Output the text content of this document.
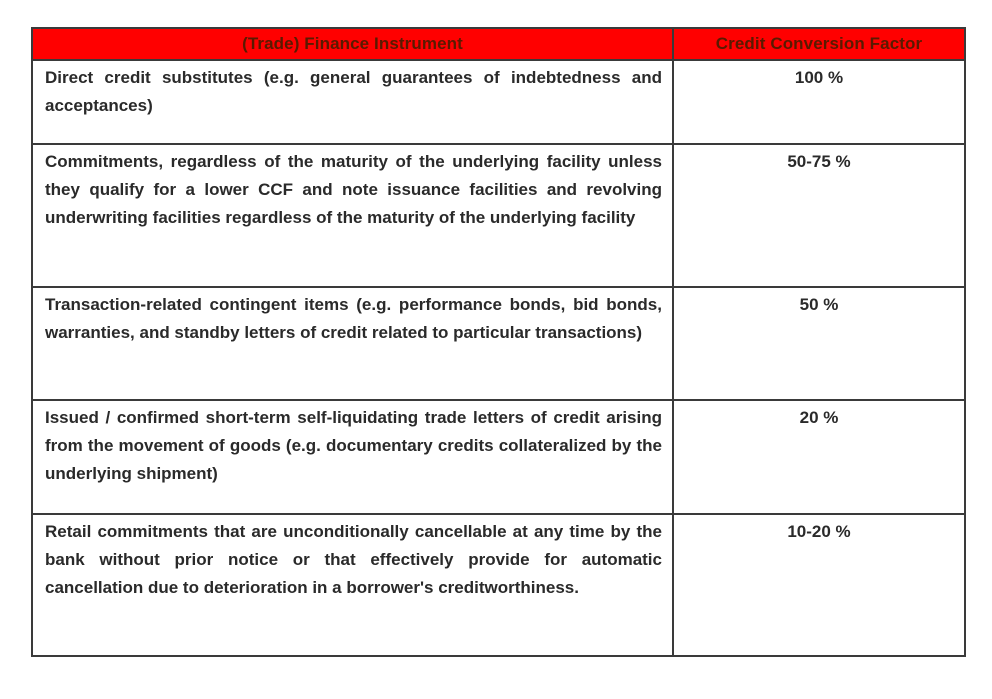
(Trade) Finance Instrument	Credit Conversion Factor
Direct credit substitutes (e.g. general guarantees of indebtedness and acceptances)	100 %
Commitments, regardless of the maturity of the underlying facility unless they qualify for a lower CCF and note issuance facilities and revolving underwriting facilities regardless of the maturity of the underlying facility	50-75 %
Transaction-related contingent items (e.g. performance bonds, bid bonds, warranties, and standby letters of credit related to particular transactions)	50 %
Issued / confirmed short-term self-liquidating trade letters of credit arising from the movement of goods (e.g. documentary credits collateralized by the underlying shipment)	20 %
Retail commitments that are unconditionally cancellable at any time by the bank without prior notice or that effectively provide for automatic cancellation due to deterioration in a borrower's creditworthiness.	10-20 %
